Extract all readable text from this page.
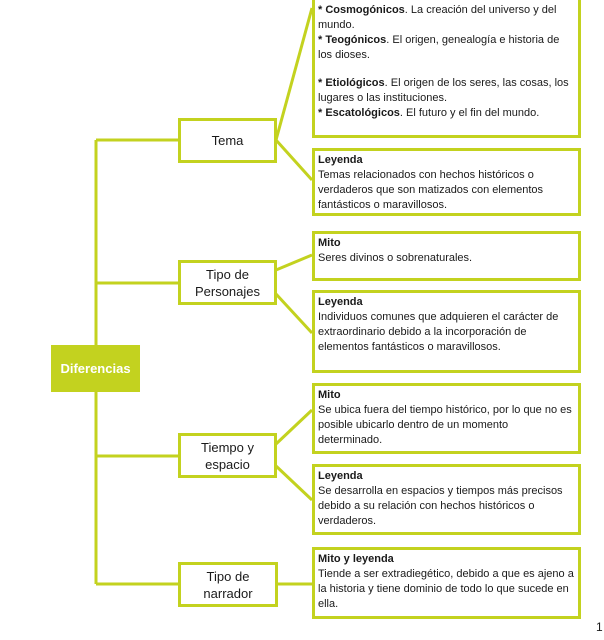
Diferencias
Tema
Tipo de Personajes
Tiempo y espacio
Tipo de narrador
* Cosmogónicos. La creación del universo y del mundo.
* Teogónicos. El origen, genealogía e historia de los dioses.
* Etiológicos. El origen de los seres, las cosas, los lugares o las instituciones.
* Escatológicos. El futuro y el fin del mundo.
Leyenda
Temas relacionados con hechos históricos o verdaderos que son matizados con elementos fantásticos o maravillosos.
Mito
Seres divinos o sobrenaturales.
Leyenda
Individuos comunes que adquieren el carácter de extraordinario debido a la incorporación de elementos fantásticos o maravillosos.
Mito
Se ubica fuera del tiempo histórico, por lo que no es posible ubicarlo dentro de un momento determinado.
Leyenda
Se desarrolla en espacios y tiempos más precisos debido a su relación con hechos históricos o verdaderos.
Mito y leyenda
Tiende a ser extradiegético, debido a que es ajeno a la historia y tiene dominio de todo lo que sucede en ella.
1
